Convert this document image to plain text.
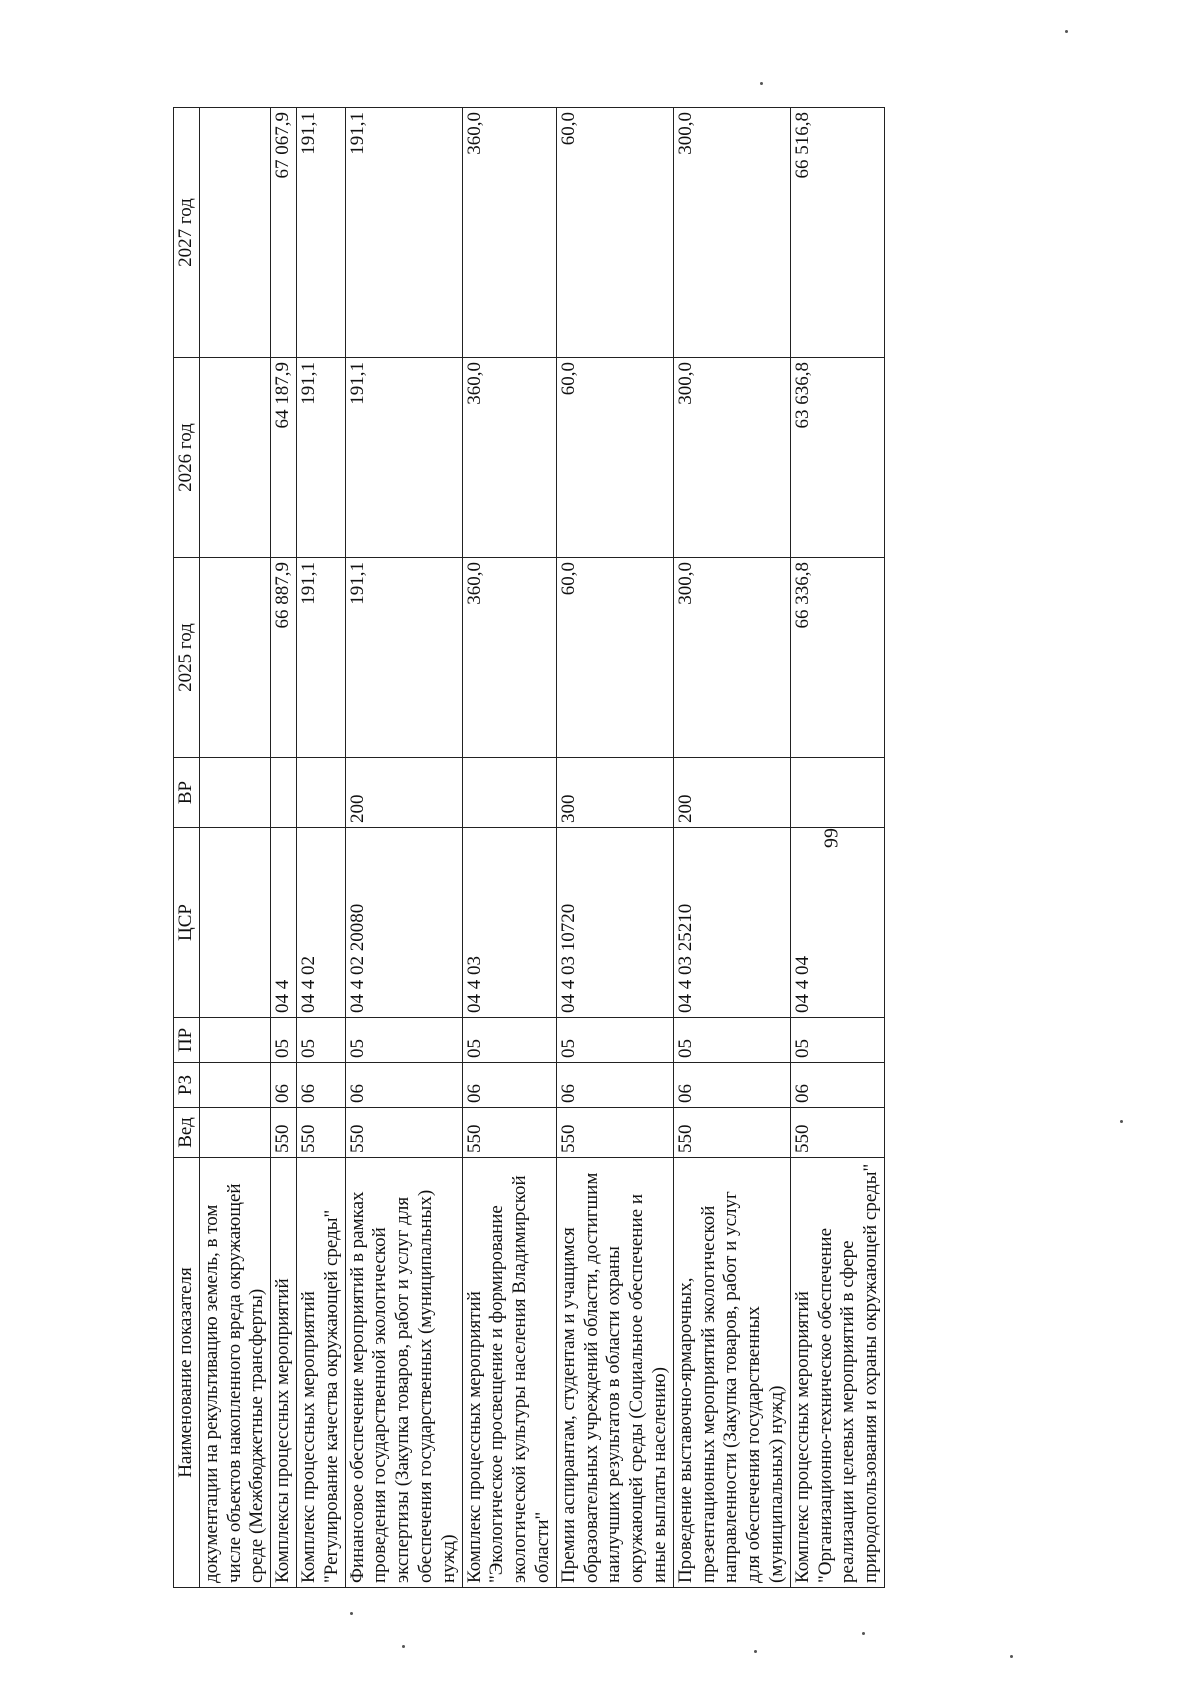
99
Наименование показателя	Вед	РЗ	ПР	ЦСР	ВР	2025 год	2026 год	2027 год
документации на рекультивацию земель, в том числе объектов накопленного вреда окружающей среде (Межбюджетные трансферты)								
Комплексы процессных мероприятий	550	06	05	04 4		66 887,9	64 187,9	67 067,9
Комплекс процессных мероприятий "Регулирование качества окружающей среды"	550	06	05	04 4 02		191,1	191,1	191,1
Финансовое обеспечение мероприятий в рамках проведения государственной экологической экспертизы (Закупка товаров, работ и услуг для обеспечения государственных (муниципальных) нужд)	550	06	05	04 4 02 20080	200	191,1	191,1	191,1
Комплекс процессных мероприятий "Экологическое просвещение и формирование экологической культуры населения Владимирской области"	550	06	05	04 4 03		360,0	360,0	360,0
Премии аспирантам, студентам и учащимся образовательных учреждений области, достигшим наилучших результатов в области охраны окружающей среды (Социальное обеспечение и иные выплаты населению)	550	06	05	04 4 03 10720	300	60,0	60,0	60,0
Проведение выставочно-ярмарочных, презентационных мероприятий экологической направленности (Закупка товаров, работ и услуг для обеспечения государственных (муниципальных) нужд)	550	06	05	04 4 03 25210	200	300,0	300,0	300,0
Комплекс процессных мероприятий "Организационно-техническое обеспечение реализации целевых мероприятий в сфере природопользования и охраны окружающей среды"	550	06	05	04 4 04		66 336,8	63 636,8	66 516,8
